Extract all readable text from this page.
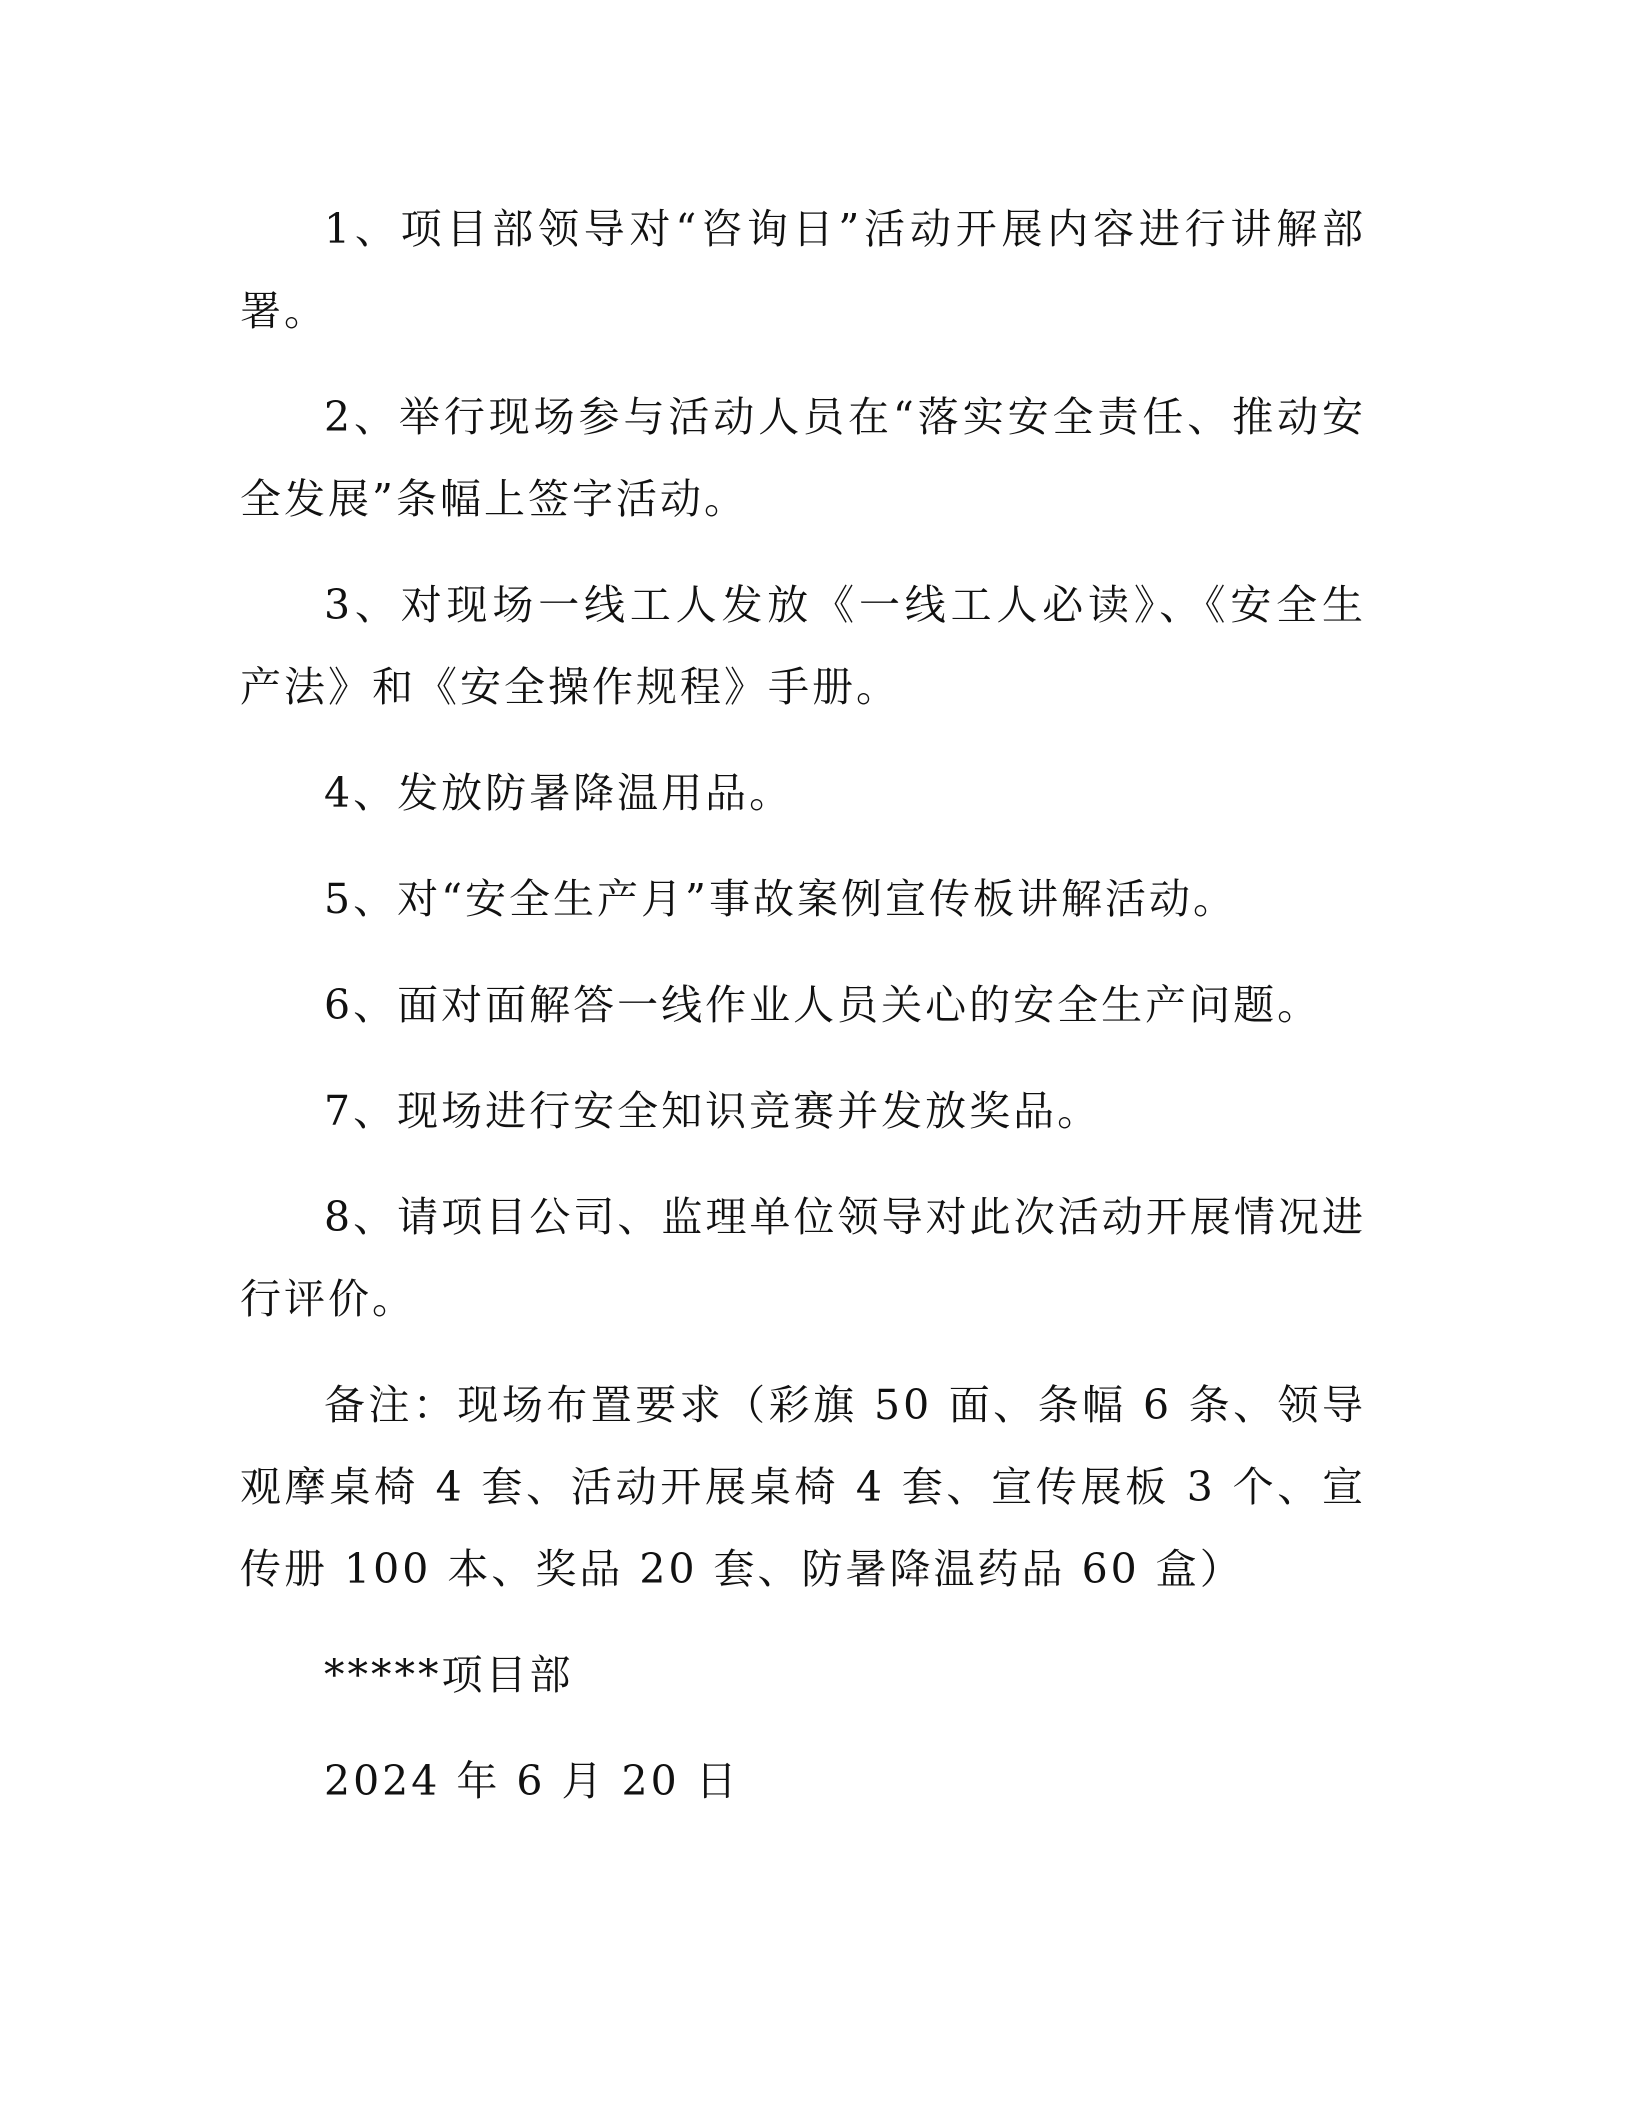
1、项目部领导对“咨询日”活动开展内容进行讲解部署。

2、举行现场参与活动人员在“落实安全责任、推动安全发展”条幅上签字活动。

3、对现场一线工人发放《一线工人必读》、《安全生产法》和《安全操作规程》手册。

4、发放防暑降温用品。

5、对“安全生产月”事故案例宣传板讲解活动。

6、面对面解答一线作业人员关心的安全生产问题。

7、现场进行安全知识竞赛并发放奖品。

8、请项目公司、监理单位领导对此次活动开展情况进行评价。

备注：现场布置要求（彩旗 50 面、条幅 6 条、领导观摩桌椅 4 套、活动开展桌椅 4 套、宣传展板 3 个、宣传册 100 本、奖品 20 套、防暑降温药品 60 盒）

*****项目部

2024 年 6 月 20 日
